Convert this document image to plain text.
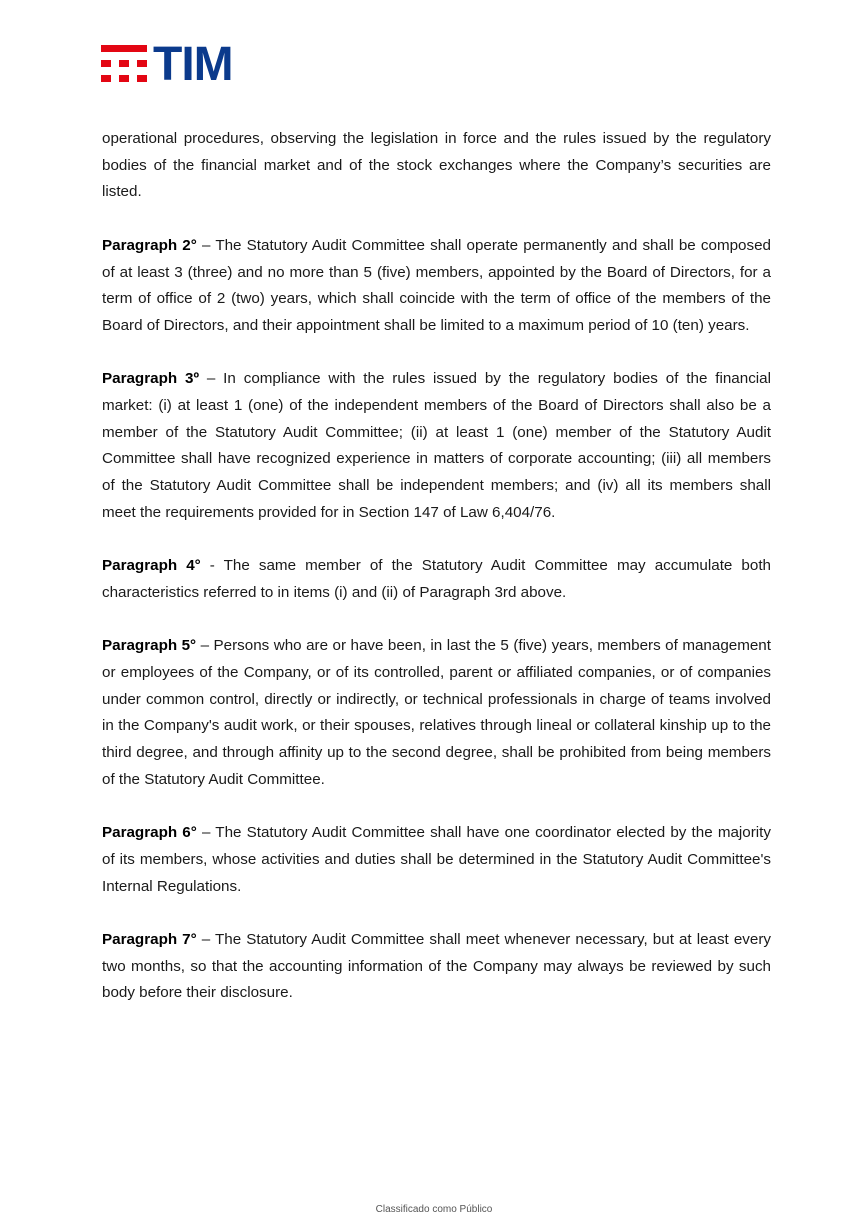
TIM

operational procedures, observing the legislation in force and the rules issued by the regulatory bodies of the financial market and of the stock exchanges where the Company’s securities are listed.

Paragraph 2° – The Statutory Audit Committee shall operate permanently and shall be composed of at least 3 (three) and no more than 5 (five) members, appointed by the Board of Directors, for a term of office of 2 (two) years, which shall coincide with the term of office of the members of the Board of Directors, and their appointment shall be limited to a maximum period of 10 (ten) years.

Paragraph 3º – In compliance with the rules issued by the regulatory bodies of the financial market: (i) at least 1 (one) of the independent members of the Board of Directors shall also be a member of the Statutory Audit Committee; (ii) at least 1 (one) member of the Statutory Audit Committee shall have recognized experience in matters of corporate accounting; (iii) all members of the Statutory Audit Committee shall be independent members; and (iv) all its members shall meet the requirements provided for in Section 147 of Law 6,404/76.

Paragraph 4° - The same member of the Statutory Audit Committee may accumulate both characteristics referred to in items (i) and (ii) of Paragraph 3rd above.

Paragraph 5° – Persons who are or have been, in last the 5 (five) years, members of management or employees of the Company, or of its controlled, parent or affiliated companies, or of companies under common control, directly or indirectly, or technical professionals in charge of teams involved in the Company's audit work, or their spouses, relatives through lineal or collateral kinship up to the third degree, and through affinity up to the second degree, shall be prohibited from being members of the Statutory Audit Committee.

Paragraph 6° – The Statutory Audit Committee shall have one coordinator elected by the majority of its members, whose activities and duties shall be determined in the Statutory Audit Committee's Internal Regulations.

Paragraph 7° – The Statutory Audit Committee shall meet whenever necessary, but at least every two months, so that the accounting information of the Company may always be reviewed by such body before their disclosure.

Classificado como Público
